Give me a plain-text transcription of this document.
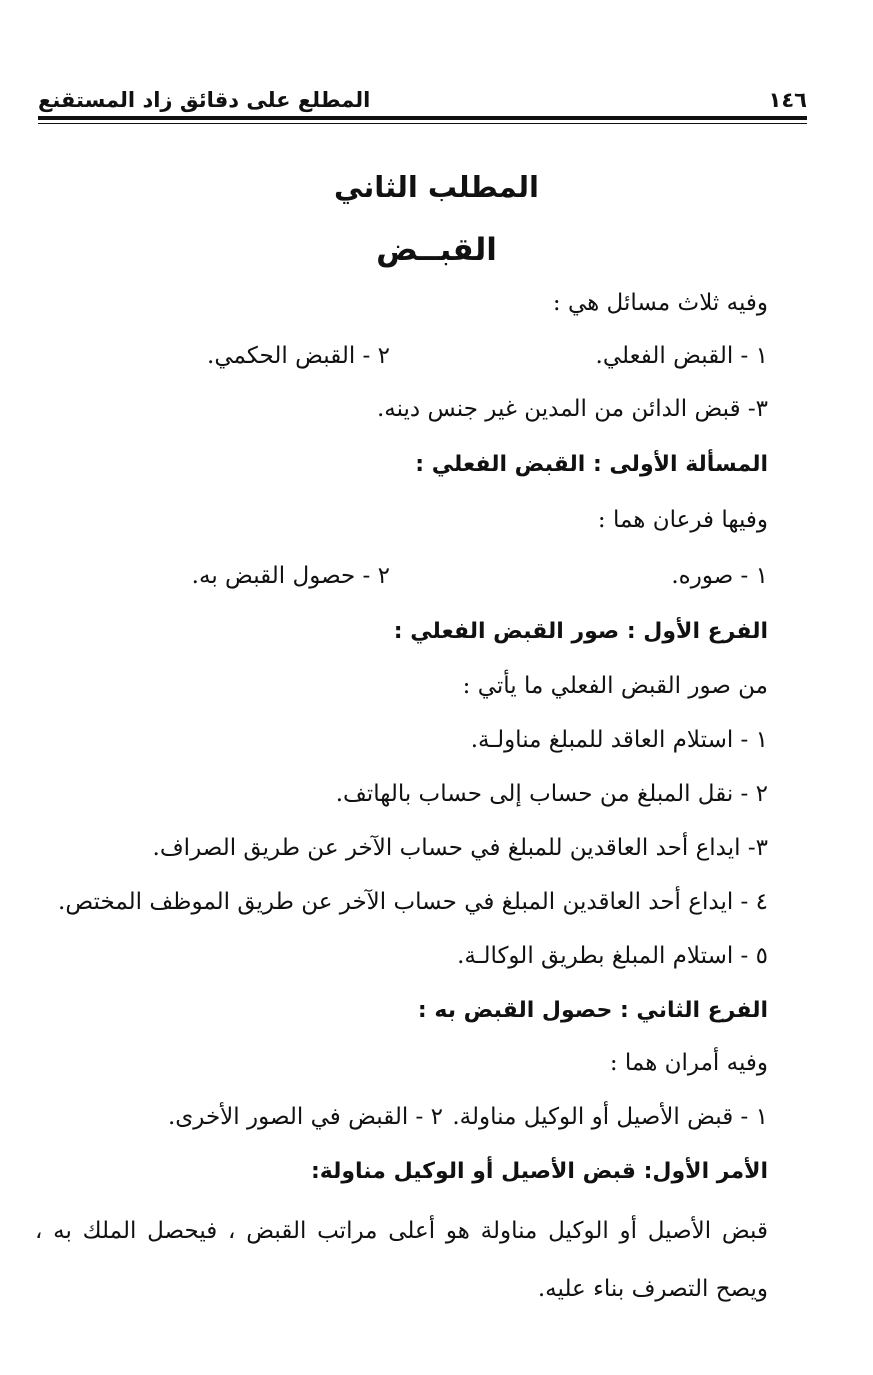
١٤٦
المطلع على دقائق زاد المستقنع
المطلب الثاني
القبــض
وفيه ثلاث مسائل هي :
١ - القبض الفعلي.
٢ - القبض الحكمي.
٣- قبض الدائن من المدين غير جنس دينه.
المسألة الأولى : القبض الفعلي :
وفيها فرعان هما :
١ - صوره.
٢ - حصول القبض به.
الفرع الأول : صور القبض الفعلي :
من صور القبض الفعلي ما يأتي :
١ - استلام العاقد للمبلغ مناولـة.
٢ - نقل المبلغ من حساب إلى حساب بالهاتف.
٣- ايداع أحد العاقدين للمبلغ في حساب الآخر عن طريق الصراف.
٤ - ايداع أحد العاقدين المبلغ في حساب الآخر عن طريق الموظف المختص.
٥ - استلام المبلغ بطريق الوكالـة.
الفرع الثاني : حصول القبض به :
وفيه أمران هما :
١ - قبض الأصيل أو الوكيل مناولة.
٢ - القبض في الصور الأخرى.
الأمر الأول: قبض الأصيل أو الوكيل مناولة:
قبض الأصيل أو الوكيل مناولة هو أعلى مراتب القبض ، فيحصل الملك به ، ويصح التصرف بناء عليه.
